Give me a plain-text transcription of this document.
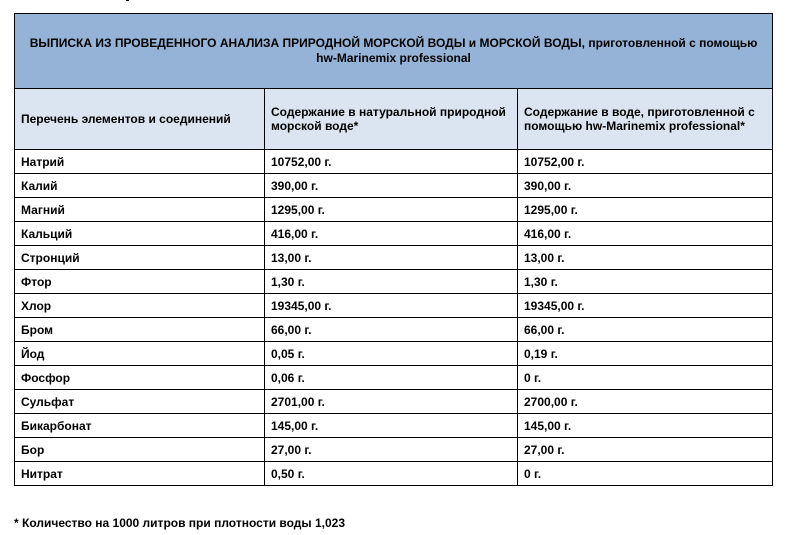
ВЫПИСКА ИЗ ПРОВЕДЕННОГО АНАЛИЗА ПРИРОДНОЙ МОРСКОЙ ВОДЫ и МОРСКОЙ ВОДЫ, приготовленной с помощью hw-Marinemix professional		
Перечень элементов и соединений	Содержание в натуральной природной морской воде*	Содержание в воде, приготовленной с помощью hw-Marinemix professional*
Натрий	10752,00 г.	10752,00 г.
Калий	390,00 г.	390,00 г.
Магний	1295,00 г.	1295,00 г.
Кальций	416,00 г.	416,00 г.
Стронций	13,00 г.	13,00 г.
Фтор	1,30 г.	1,30 г.
Хлор	19345,00 г.	19345,00 г.
Бром	66,00 г.	66,00 г.
Йод	0,05 г.	0,19 г.
Фосфор	0,06 г.	0 г.
Сульфат	2701,00 г.	2700,00 г.
Бикарбонат	145,00 г.	145,00 г.
Бор	27,00 г.	27,00 г.
Нитрат	0,50 г.	0 г.
* Количество на 1000 литров при плотности воды 1,023
